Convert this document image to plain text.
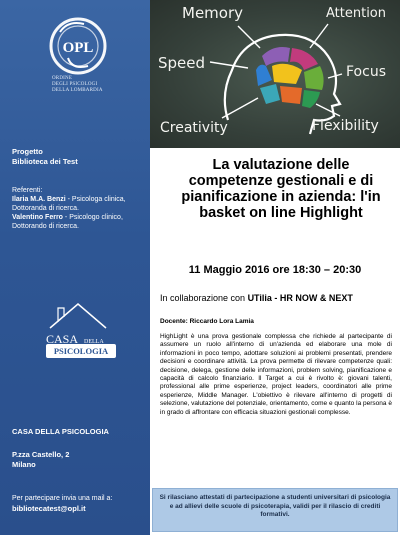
OPL
ORDINE
DEGLI PSICOLOGI
DELLA LOMBARDIA
Progetto
Biblioteca dei Test
Referenti:
Ilaria M.A. Benzi - Psicologa clinica,
Dottoranda di ricerca.
Valentino Ferro - Psicologo clinico,
Dottorando di ricerca.
CASA DELLA
PSICOLOGIA
CASA DELLA PSICOLOGIA
P.zza Castello, 2
Milano
Per partecipare invia una mail a:
bibliotecatest@opl.it
Memory	Attention
Speed	Focus
Creativity	Flexibility
La valutazione delle competenze gestionali e di pianificazione in azienda: l'in basket on line Highlight
11 Maggio 2016 ore 18:30 – 20:30
In collaborazione con UTilia - HR NOW & NEXT
Docente: Riccardo Lora Lamia
HighLight è una prova gestionale complessa che richiede al partecipante di assumere un ruolo all'interno di un'azienda ed elaborare una mole di informazioni in poco tempo, adottare soluzioni ai problemi presentati, prendere decisioni e coordinare attività. La prova permette di rilevare competenze quali: decisione, delega, gestione delle informazioni, problem solving, pianificazione e capacità di calcolo finanziario. Il Target a cui è rivolto è: giovani talenti, professional alle prime esperienze, project leaders, coordinatori alle prime esperienze, Middle Manager. L'obiettivo è rilevare all'interno di progetti di selezione, valutazione del potenziale, orientamento, come e quanto la persona è in grado di affrontare con efficacia situazioni gestionali complesse.
Si rilasciano attestati di partecipazione a studenti universitari di psicologia e ad allievi delle scuole di psicoterapia, validi per il rilascio di crediti formativi.
